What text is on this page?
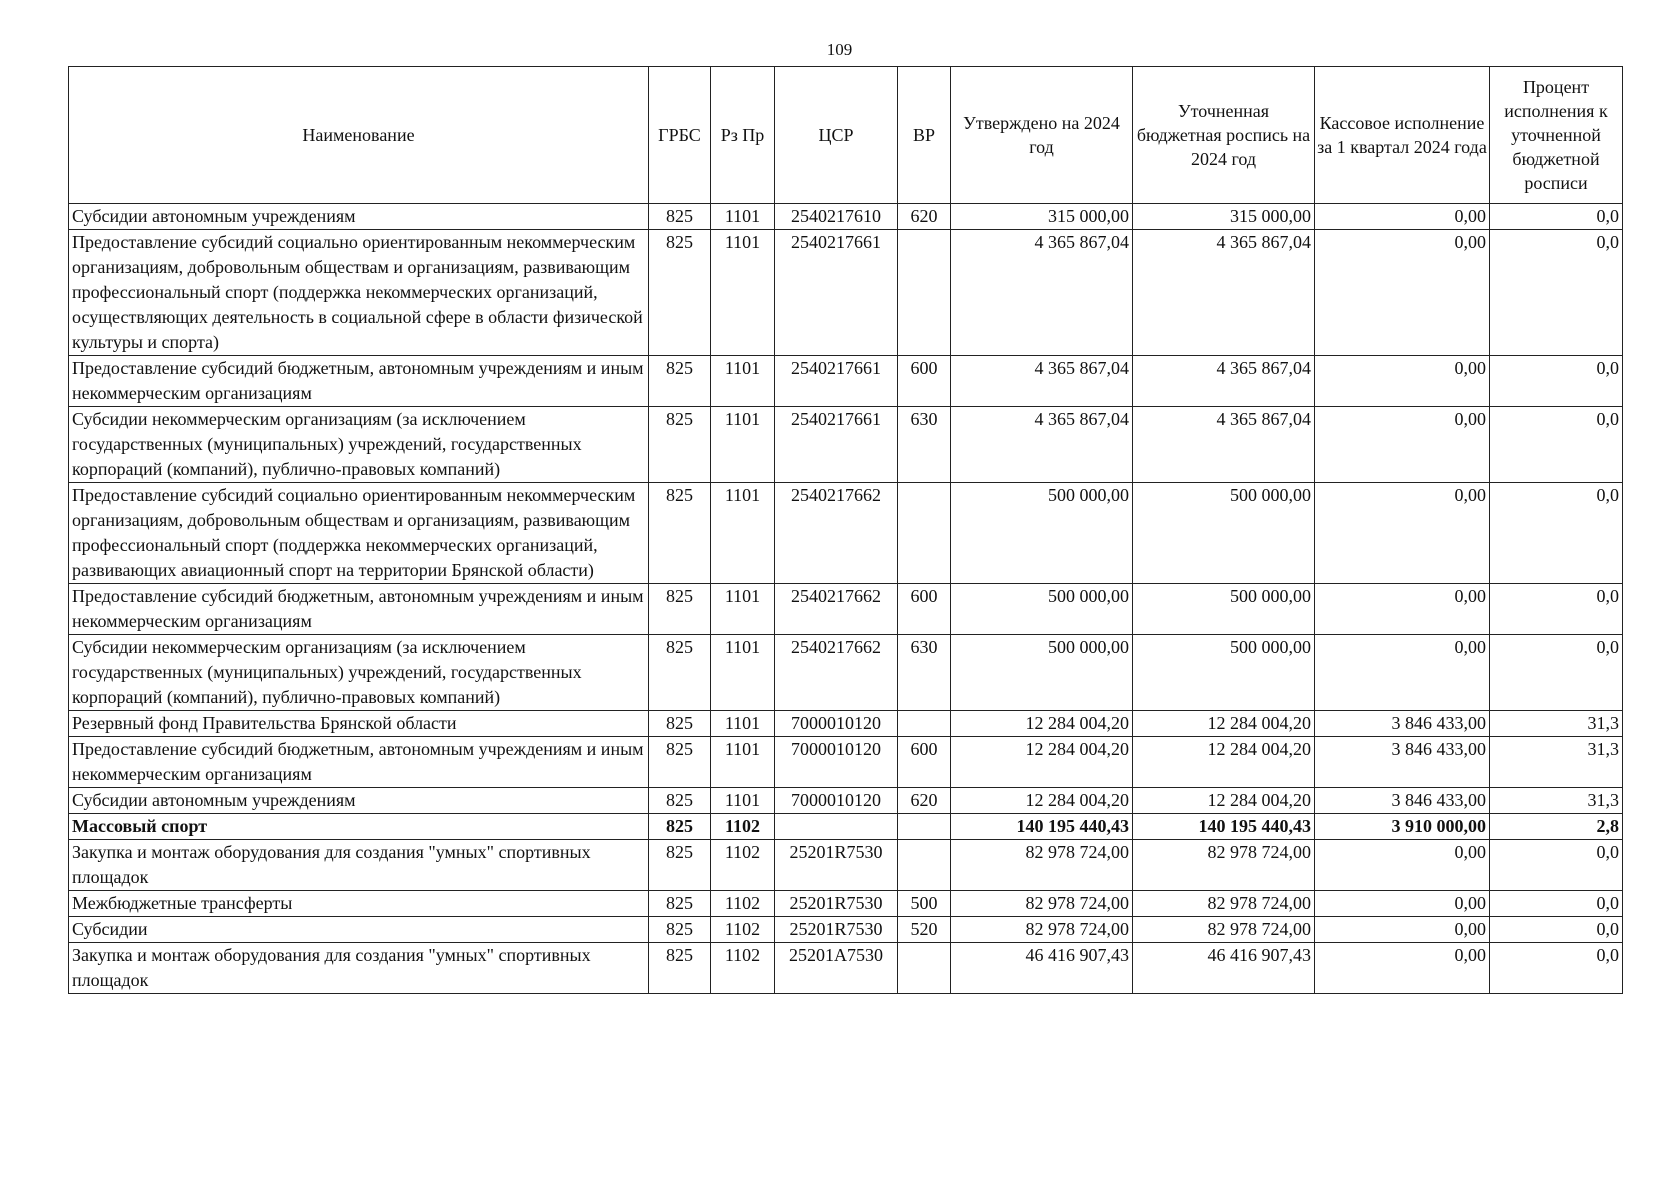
109
Наименование	ГРБС	Рз Пр	ЦСР	ВР	Утверждено на 2024 год	Уточненная бюджетная роспись на 2024 год	Кассовое исполнение за 1 квартал 2024 года	Процент исполнения к уточненной бюджетной росписи
Субсидии автономным учреждениям	825	1101	2540217610	620	315 000,00	315 000,00	0,00	0,0
Предоставление субсидий социально ориентированным некоммерческим организациям, добровольным обществам и организациям, развивающим профессиональный спорт (поддержка некоммерческих организаций, осуществляющих деятельность в социальной сфере в области физической культуры и спорта)	825	1101	2540217661		4 365 867,04	4 365 867,04	0,00	0,0
Предоставление субсидий бюджетным, автономным учреждениям и иным некоммерческим организациям	825	1101	2540217661	600	4 365 867,04	4 365 867,04	0,00	0,0
Субсидии некоммерческим организациям (за исключением государственных (муниципальных) учреждений, государственных корпораций (компаний), публично-правовых компаний)	825	1101	2540217661	630	4 365 867,04	4 365 867,04	0,00	0,0
Предоставление субсидий социально ориентированным некоммерческим организациям, добровольным обществам и организациям, развивающим профессиональный спорт (поддержка некоммерческих организаций, развивающих авиационный спорт на территории Брянской области)	825	1101	2540217662		500 000,00	500 000,00	0,00	0,0
Предоставление субсидий бюджетным, автономным учреждениям и иным некоммерческим организациям	825	1101	2540217662	600	500 000,00	500 000,00	0,00	0,0
Субсидии некоммерческим организациям (за исключением государственных (муниципальных) учреждений, государственных корпораций (компаний), публично-правовых компаний)	825	1101	2540217662	630	500 000,00	500 000,00	0,00	0,0
Резервный фонд Правительства Брянской области	825	1101	7000010120		12 284 004,20	12 284 004,20	3 846 433,00	31,3
Предоставление субсидий бюджетным, автономным учреждениям и иным некоммерческим организациям	825	1101	7000010120	600	12 284 004,20	12 284 004,20	3 846 433,00	31,3
Субсидии автономным учреждениям	825	1101	7000010120	620	12 284 004,20	12 284 004,20	3 846 433,00	31,3
Массовый спорт	825	1102			140 195 440,43	140 195 440,43	3 910 000,00	2,8
Закупка и монтаж оборудования для создания "умных" спортивных площадок	825	1102	25201R7530		82 978 724,00	82 978 724,00	0,00	0,0
Межбюджетные трансферты	825	1102	25201R7530	500	82 978 724,00	82 978 724,00	0,00	0,0
Субсидии	825	1102	25201R7530	520	82 978 724,00	82 978 724,00	0,00	0,0
Закупка и монтаж оборудования для создания "умных" спортивных площадок	825	1102	25201A7530		46 416 907,43	46 416 907,43	0,00	0,0
